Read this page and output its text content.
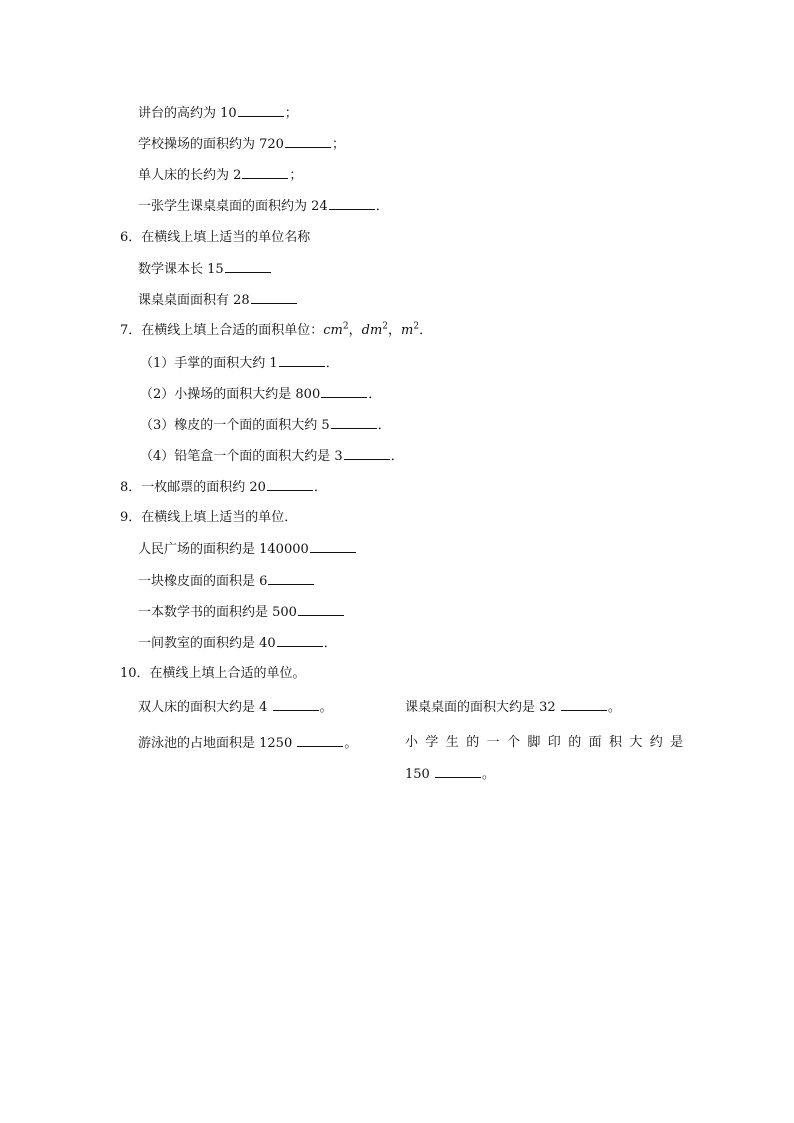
讲台的高约为 10	；
学校操场的面积约为 720	；
单人床的长约为 2	；
一张学生课桌桌面的面积约为 24	．
6．在横线上填上适当的单位名称
数学课本长 15
课桌桌面面积有 28
7．在横线上填上合适的面积单位：$cm^2$，$dm^2$，$m^2$．
（1）手掌的面积大约 1	．
（2）小操场的面积大约是 800	．
（3）橡皮的一个面的面积大约 5	．
（4）铅笔盒一个面的面积大约是 3	．
8．一枚邮票的面积约 20	．
9．在横线上填上适当的单位．
人民广场的面积约是 140000
一块橡皮面的面积是 6
一本数学书的面积约是 500
一间教室的面积约是 40	．
10．在横线上填上合适的单位。
双人床的面积大约是 4	。	课桌桌面的面积大约是 32	。
游泳池的占地面积是 1250	。	小学生的一个脚印的面积大约是
150	。
